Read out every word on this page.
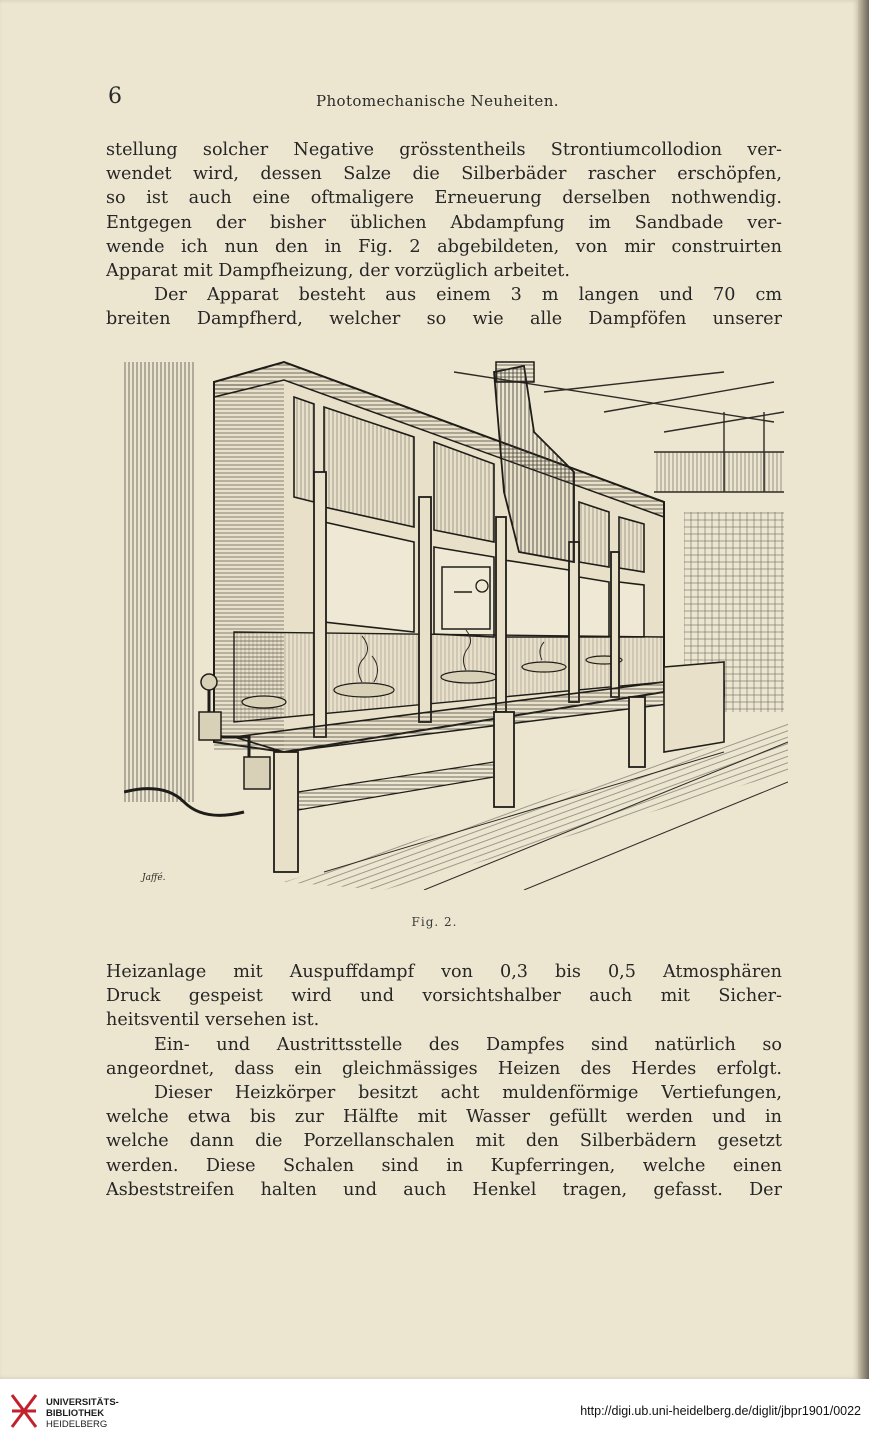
6	Photomechanische Neuheiten.
stellung solcher Negative grösstentheils Strontiumcollodion ver-
wendet wird, dessen Salze die Silberbäder rascher erschöpfen,
so ist auch eine oftmaligere Erneuerung derselben nothwendig.
Entgegen der bisher üblichen Abdampfung im Sandbade ver-
wende ich nun den in Fig. 2 abgebildeten, von mir construirten
Apparat mit Dampfheizung, der vorzüglich arbeitet.
Der Apparat besteht aus einem 3 m langen und 70 cm
breiten Dampfherd, welcher so wie alle Dampföfen unserer
Jaffé.
Fig. 2.
Heizanlage mit Auspuffdampf von 0,3 bis 0,5 Atmosphären
Druck gespeist wird und vorsichtshalber auch mit Sicher-
heitsventil versehen ist.
Ein- und Austrittsstelle des Dampfes sind natürlich so
angeordnet, dass ein gleichmässiges Heizen des Herdes erfolgt.
Dieser Heizkörper besitzt acht muldenförmige Vertiefungen,
welche etwa bis zur Hälfte mit Wasser gefüllt werden und in
welche dann die Porzellanschalen mit den Silberbädern gesetzt
werden. Diese Schalen sind in Kupferringen, welche einen
Asbeststreifen halten und auch Henkel tragen, gefasst. Der
UNIVERSITÄTS-
BIBLIOTHEK
HEIDELBERG
http://digi.ub.uni-heidelberg.de/diglit/jbpr1901/0022
